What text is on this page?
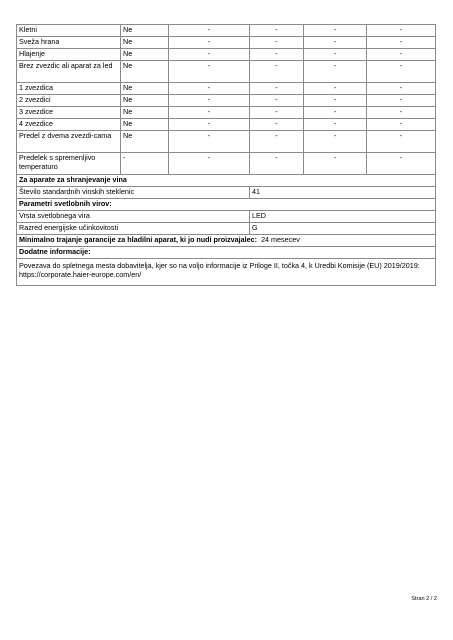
Kletni	Ne	-	-	-	-
Sveža hrana	Ne	-	-	-	-
Hlajenje	Ne	-	-	-	-
Brez zvezdic ali aparat za led	Ne	-	-	-	-
1 zvezdica	Ne	-	-	-	-
2 zvezdici	Ne	-	-	-	-
3 zvezdice	Ne	-	-	-	-
4 zvezdice	Ne	-	-	-	-
Predel z dvema zvezdi-cama	Ne	-	-	-	-
Predelek s spremenljivo temperaturo	-	-	-	-	-
Za aparate za shranjevanje vina					
Število standardnih vinskih steklenic			41		
Parametri svetlobnih virov:					
Vrsta svetlobnega vira			LED		
Razred energijske učinkovitosti			G		
Minimalno trajanje garancije za hladilni aparat, ki jo nudi proizvajalec: 24 mesecev					
Dodatne informacije:					
Povezava do spletnega mesta dobavitelja, kjer so na voljo informacije iz Priloge II, točka 4, k Uredbi Komisije (EU) 2019/2019: https://corporate.haier-europe.com/en/					
Stran 2 / 2
